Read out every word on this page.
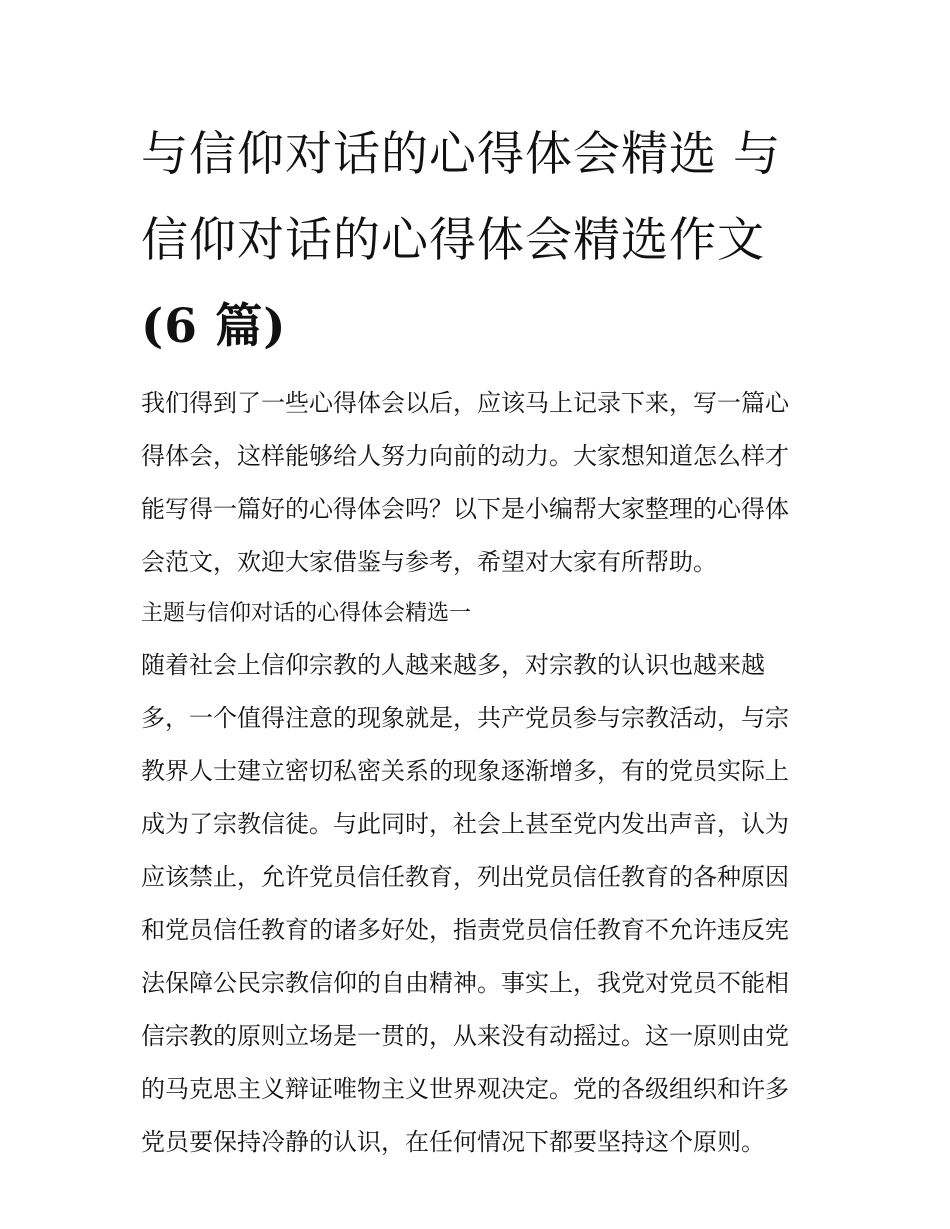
与信仰对话的心得体会精选 与
信仰对话的心得体会精选作文
(6 篇)

我们得到了一些心得体会以后，应该马上记录下来，写一篇心
得体会，这样能够给人努力向前的动力。大家想知道怎么样才
能写得一篇好的心得体会吗？以下是小编帮大家整理的心得体
会范文，欢迎大家借鉴与参考，希望对大家有所帮助。

主题与信仰对话的心得体会精选一

随着社会上信仰宗教的人越来越多，对宗教的认识也越来越
多，一个值得注意的现象就是，共产党员参与宗教活动，与宗
教界人士建立密切私密关系的现象逐渐增多，有的党员实际上
成为了宗教信徒。与此同时，社会上甚至党内发出声音，认为
应该禁止，允许党员信任教育，列出党员信任教育的各种原因
和党员信任教育的诸多好处，指责党员信任教育不允许违反宪
法保障公民宗教信仰的自由精神。事实上，我党对党员不能相
信宗教的原则立场是一贯的，从来没有动摇过。这一原则由党
的马克思主义辩证唯物主义世界观决定。党的各级组织和许多
党员要保持冷静的认识，在任何情况下都要坚持这个原则。
